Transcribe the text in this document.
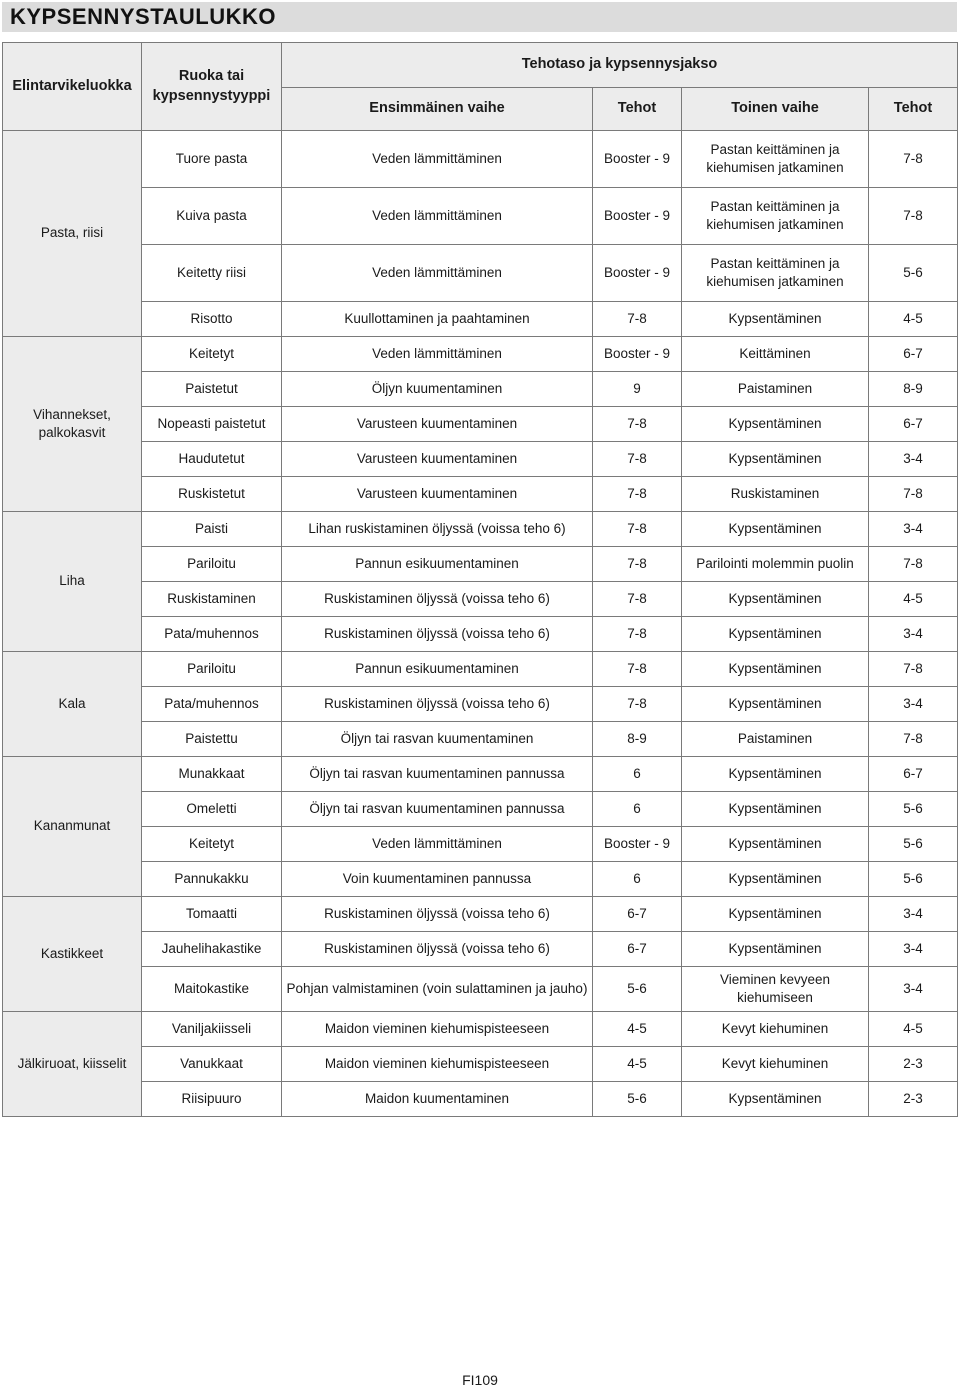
KYPSENNYSTAULUKKO
Elintarvikeluokka	Ruoka tai kypsennystyyppi	Tehotaso ja kypsennysjakso			
		Ensimmäinen vaihe	Tehot	Toinen vaihe	Tehot
Pasta, riisi	Tuore pasta	Veden lämmittäminen	Booster - 9	Pastan keittäminen ja kiehumisen jatkaminen	7-8
	Kuiva pasta	Veden lämmittäminen	Booster - 9	Pastan keittäminen ja kiehumisen jatkaminen	7-8
	Keitetty riisi	Veden lämmittäminen	Booster - 9	Pastan keittäminen ja kiehumisen jatkaminen	5-6
	Risotto	Kuullottaminen ja paahtaminen	7-8	Kypsentäminen	4-5
Vihannekset, palkokasvit	Keitetyt	Veden lämmittäminen	Booster - 9	Keittäminen	6-7
	Paistetut	Öljyn kuumentaminen	9	Paistaminen	8-9
	Nopeasti paistetut	Varusteen kuumentaminen	7-8	Kypsentäminen	6-7
	Haudutetut	Varusteen kuumentaminen	7-8	Kypsentäminen	3-4
	Ruskistetut	Varusteen kuumentaminen	7-8	Ruskistaminen	7-8
Liha	Paisti	Lihan ruskistaminen öljyssä (voissa teho 6)	7-8	Kypsentäminen	3-4
	Pariloitu	Pannun esikuumentaminen	7-8	Parilointi molemmin puolin	7-8
	Ruskistaminen	Ruskistaminen öljyssä (voissa teho 6)	7-8	Kypsentäminen	4-5
	Pata/muhennos	Ruskistaminen öljyssä (voissa teho 6)	7-8	Kypsentäminen	3-4
Kala	Pariloitu	Pannun esikuumentaminen	7-8	Kypsentäminen	7-8
	Pata/muhennos	Ruskistaminen öljyssä (voissa teho 6)	7-8	Kypsentäminen	3-4
	Paistettu	Öljyn tai rasvan kuumentaminen	8-9	Paistaminen	7-8
Kananmunat	Munakkaat	Öljyn tai rasvan kuumentaminen pannussa	6	Kypsentäminen	6-7
	Omeletti	Öljyn tai rasvan kuumentaminen pannussa	6	Kypsentäminen	5-6
	Keitetyt	Veden lämmittäminen	Booster - 9	Kypsentäminen	5-6
	Pannukakku	Voin kuumentaminen pannussa	6	Kypsentäminen	5-6
Kastikkeet	Tomaatti	Ruskistaminen öljyssä (voissa teho 6)	6-7	Kypsentäminen	3-4
	Jauhelihakastike	Ruskistaminen öljyssä (voissa teho 6)	6-7	Kypsentäminen	3-4
	Maitokastike	Pohjan valmistaminen (voin sulattaminen ja jauho)	5-6	Vieminen kevyeen kiehumiseen	3-4
Jälkiruoat, kiisselit	Vaniljakiisseli	Maidon vieminen kiehumispisteeseen	4-5	Kevyt kiehuminen	4-5
	Vanukkaat	Maidon vieminen kiehumispisteeseen	4-5	Kevyt kiehuminen	2-3
	Riisipuuro	Maidon kuumentaminen	5-6	Kypsentäminen	2-3
FI109
